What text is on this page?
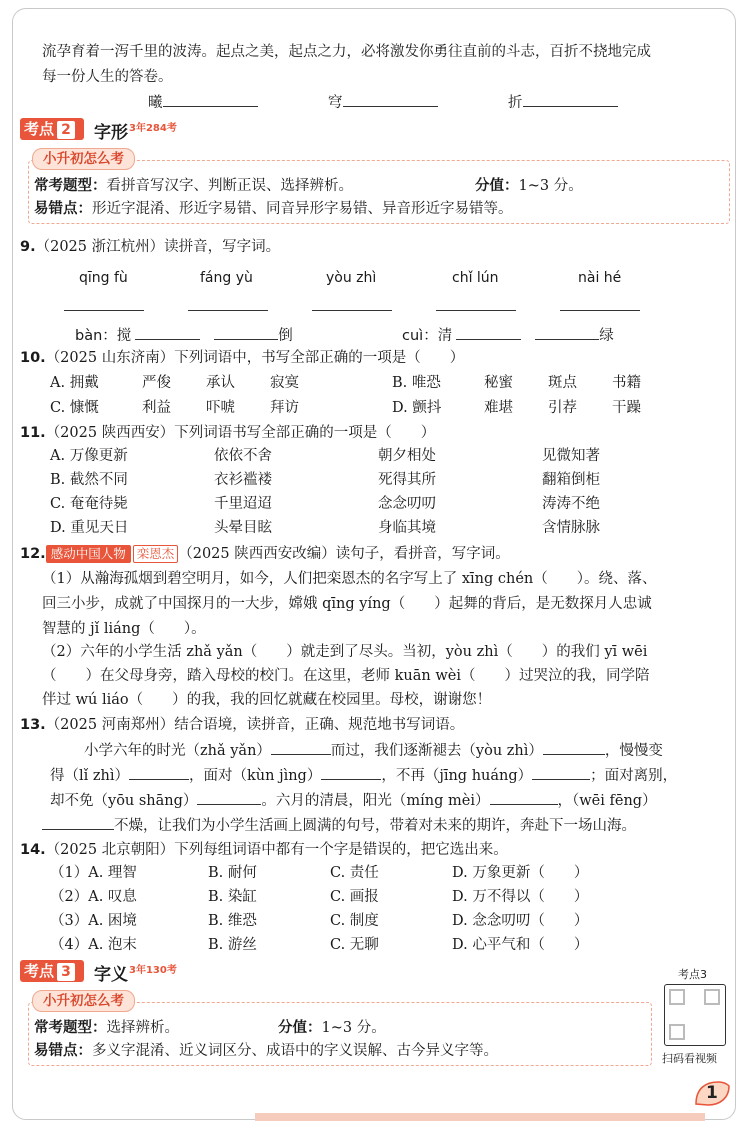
流孕育着一泻千里的波涛。起点之美，起点之力，必将激发你勇往直前的斗志，百折不挠地完成
每一份人生的答卷。
曦	穹	折
考点 2	字形$^{3年284考}$
小升初怎么考
常考题型：看拼音写汉字、判断正误、选择辨析。	分值：1~3 分。
易错点：形近字混淆、形近字易错、同音异形字易错、异音形近字易错等。
9.（2025 浙江杭州）读拼音，写字词。
qīng fù	fáng yù	yòu zhì	chǐ lún	nài hé
bàn：搅	倒	cuì：清	绿
10.（2025 山东济南）下列词语中，书写全部正确的一项是（　　）
A. 拥戴	严俊 承认 寂寞	B. 唯恐	秘蜜 斑点 书籍
C. 慷慨	利益 吓唬 拜访	D. 颤抖	难堪 引荐 干躁
11.（2025 陕西西安）下列词语书写全部正确的一项是（　　）
A. 万像更新	依依不舍	朝夕相处	见微知著
B. 截然不同	衣衫褴褛	死得其所	翻箱倒柜
C. 奄奄待毙	千里迢迢	念念叨叨	涛涛不绝
D. 重见天日	头晕目眩	身临其境	含情脉脉
12. 感动中国人物 栾恩杰 （2025 陕西西安改编）读句子，看拼音，写字词。
（1）从瀚海孤烟到碧空明月，如今，人们把栾恩杰的名字写上了 xīng chén（　　）。绕、落、
回三小步，成就了中国探月的一大步，嫦娥 qīng yíng（　　）起舞的背后，是无数探月人忠诚
智慧的 jǐ liáng（　　）。
（2）六年的小学生活 zhǎ yǎn（　　）就走到了尽头。当初，yòu zhì（　　）的我们 yī wēi
（　　）在父母身旁，踏入母校的校门。在这里，老师 kuān wèi（　　）过哭泣的我，同学陪
伴过 wú liáo（　　）的我，我的回忆就藏在校园里。母校，谢谢您！
13.（2025 河南郑州）结合语境，读拼音，正确、规范地书写词语。
小学六年的时光（zhǎ yǎn）	而过，我们逐渐褪去（yòu zhì）	，慢慢变
得（lǐ zhì）	，面对（kùn jìng）	，不再（jīng huáng）	；面对离别，
却不免（yōu shāng）	。六月的清晨，阳光（míng mèi）	，（wēi fēng）
不燥，让我们为小学生活画上圆满的句号，带着对未来的期许，奔赴下一场山海。
14.（2025 北京朝阳）下列每组词语中都有一个字是错误的，把它选出来。
（1）A. 理智	B. 耐何	C. 责任	D. 万象更新（　　）
（2）A. 叹息	B. 染缸	C. 画报	D. 万不得以（　　）
（3）A. 困境	B. 维恐	C. 制度	D. 念念叨叨（　　）
（4）A. 泡末	B. 游丝	C. 无聊	D. 心平气和（　　）
考点 3	字义$^{3年130考}$
小升初怎么考
常考题型：选择辨析。	分值：1~3 分。
易错点：多义字混淆、近义词区分、成语中的字义误解、古今异义字等。
考点3
扫码看视频
1
